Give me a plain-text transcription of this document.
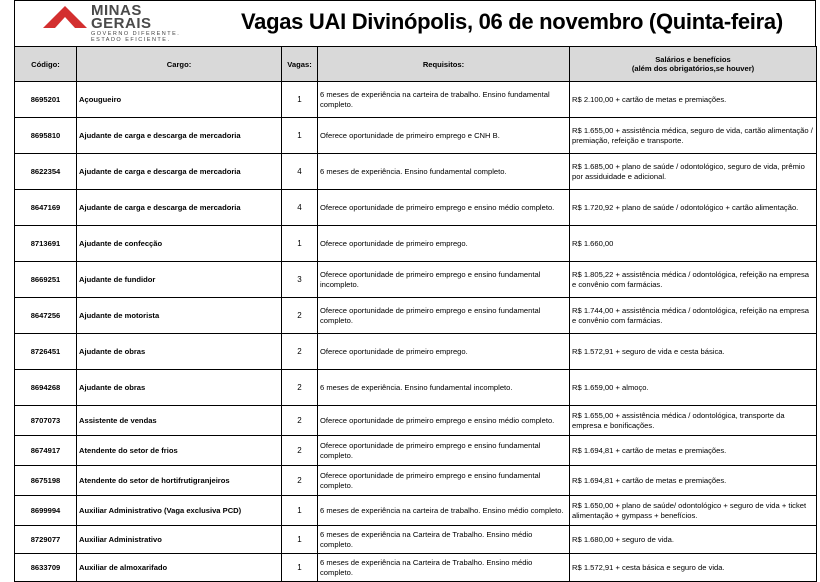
MINAS
GERAIS
GOVERNO DIFERENTE.
ESTADO EFICIENTE.
Vagas UAI Divinópolis, 06 de novembro (Quinta-feira)
Código:	Cargo:	Vagas:	Requisitos:	Salários e benefícios
(além dos obrigatórios,se houver)

8695201	Açougueiro	1	6 meses de experiência na carteira de trabalho. Ensino fundamental completo.	R$ 2.100,00 + cartão de metas e premiações.
8695810	Ajudante de carga e descarga de mercadoria	1	Oferece oportunidade de primeiro emprego e CNH B.	R$ 1.655,00 + assistência médica, seguro de vida, cartão alimentação / premiação, refeição e transporte.
8622354	Ajudante de carga e descarga de mercadoria	4	6 meses de experiência. Ensino fundamental completo.	R$ 1.685,00 + plano de saúde / odontológico, seguro de vida, prêmio por assiduidade e adicional.
8647169	Ajudante de carga e descarga de mercadoria	4	Oferece oportunidade de primeiro emprego e ensino médio completo.	R$ 1.720,92 + plano de saúde / odontológico + cartão alimentação.
8713691	Ajudante de confecção	1	Oferece oportunidade de primeiro emprego.	R$ 1.660,00
8669251	Ajudante de fundidor	3	Oferece oportunidade de primeiro emprego e ensino fundamental incompleto.	R$ 1.805,22 + assistência médica / odontológica, refeição na empresa e convênio com farmácias.
8647256	Ajudante de motorista	2	Oferece oportunidade de primeiro emprego e ensino fundamental completo.	R$ 1.744,00 + assistência médica / odontológica, refeição na empresa e convênio com farmácias.
8726451	Ajudante de obras	2	Oferece oportunidade de primeiro emprego.	R$ 1.572,91 + seguro de vida e cesta básica.
8694268	Ajudante de obras	2	6 meses de experiência. Ensino fundamental incompleto.	R$ 1.659,00 + almoço.
8707073	Assistente de vendas	2	Oferece oportunidade de primeiro emprego e ensino médio completo.	R$ 1.655,00 + assistência médica / odontológica, transporte da empresa e bonificações.
8674917	Atendente do setor de frios	2	Oferece oportunidade de primeiro emprego e ensino fundamental completo.	R$ 1.694,81 + cartão de metas e premiações.
8675198	Atendente do setor de hortifrutigranjeiros	2	Oferece oportunidade de primeiro emprego e ensino fundamental completo.	R$ 1.694,81 + cartão de metas e premiações.
8699994	Auxiliar Administrativo (Vaga exclusiva PCD)	1	6 meses de experiência na carteira de trabalho. Ensino médio completo.	R$ 1.650,00 + plano de saúde/ odontológico + seguro de vida + ticket alimentação + gympass + benefícios.
8729077	Auxiliar Administrativo	1	6 meses de experiência na Carteira de Trabalho. Ensino médio completo.	R$ 1.680,00 + seguro de vida.
8633709	Auxiliar de almoxarifado	1	6 meses de experiência na Carteira de Trabalho. Ensino médio completo.	R$ 1.572,91 + cesta básica e seguro de vida.
